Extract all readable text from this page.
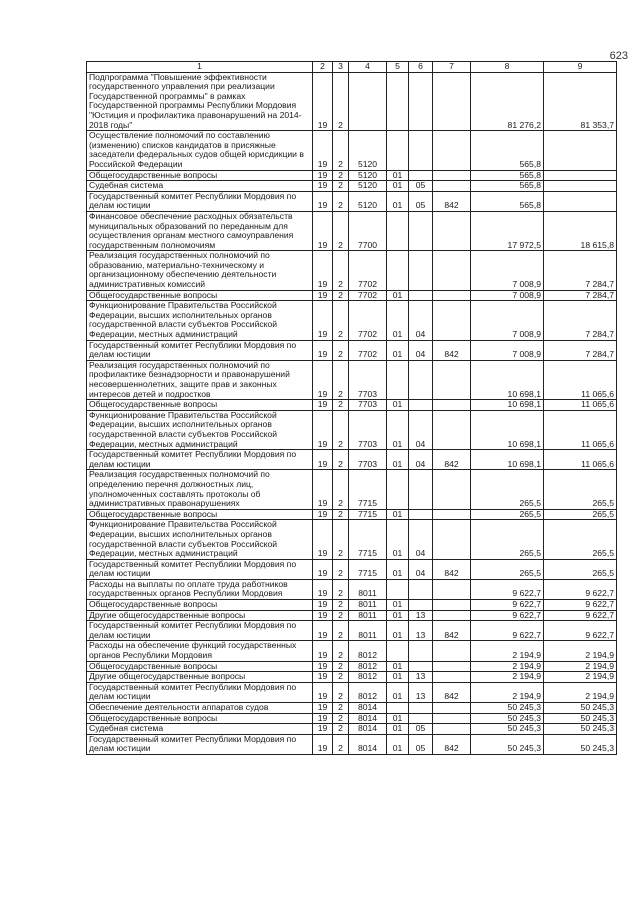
623
1	2	3	4	5	6	7	8	9
Подпрограмма "Повышение эффективности государственного управления при реализации Государственной программы" в рамках Государственной программы Республики Мордовия "Юстиция и профилактика правонарушений на 2014-2018 годы"	19	2					81 276,2	81 353,7
Осуществление полномочий по составлению (изменению) списков кандидатов в присяжные заседатели федеральных судов общей юрисдикции в Российской Федерации	19	2	5120				565,8	
Общегосударственные вопросы	19	2	5120	01			565,8	
Судебная система	19	2	5120	01	05		565,8	
Государственный комитет Республики Мордовия по делам юстиции	19	2	5120	01	05	842	565,8	
Финансовое обеспечение расходных обязательств муниципальных образований по переданным для осуществления органам местного самоуправления государственным полномочиям	19	2	7700				17 972,5	18 615,8
Реализация государственных полномочий по образованию, материально-техническому и организационному обеспечению деятельности административных комиссий	19	2	7702				7 008,9	7 284,7
Общегосударственные вопросы	19	2	7702	01			7 008,9	7 284,7
Функционирование Правительства Российской Федерации, высших исполнительных органов государственной власти субъектов Российской Федерации, местных администраций	19	2	7702	01	04		7 008,9	7 284,7
Государственный комитет Республики Мордовия по делам юстиции	19	2	7702	01	04	842	7 008,9	7 284,7
Реализация государственных полномочий по профилактике безнадзорности и правонарушений несовершеннолетних, защите прав и законных интересов детей и подростков	19	2	7703				10 698,1	11 065,6
Общегосударственные вопросы	19	2	7703	01			10 698,1	11 065,6
Функционирование Правительства Российской Федерации, высших исполнительных органов государственной власти субъектов Российской Федерации, местных администраций	19	2	7703	01	04		10 698,1	11 065,6
Государственный комитет Республики Мордовия по делам юстиции	19	2	7703	01	04	842	10 698,1	11 065,6
Реализация государственных полномочий по определению перечня должностных лиц, уполномоченных составлять протоколы об административных правонарушениях	19	2	7715				265,5	265,5
Общегосударственные вопросы	19	2	7715	01			265,5	265,5
Функционирование Правительства Российской Федерации, высших исполнительных органов государственной власти субъектов Российской Федерации, местных администраций	19	2	7715	01	04		265,5	265,5
Государственный комитет Республики Мордовия по делам юстиции	19	2	7715	01	04	842	265,5	265,5
Расходы на выплаты по оплате труда работников государственных органов Республики Мордовия	19	2	8011				9 622,7	9 622,7
Общегосударственные вопросы	19	2	8011	01			9 622,7	9 622,7
Другие общегосударственные вопросы	19	2	8011	01	13		9 622,7	9 622,7
Государственный комитет Республики Мордовия по делам юстиции	19	2	8011	01	13	842	9 622,7	9 622,7
Расходы на обеспечение функций государственных органов Республики Мордовия	19	2	8012				2 194,9	2 194,9
Общегосударственные вопросы	19	2	8012	01			2 194,9	2 194,9
Другие общегосударственные вопросы	19	2	8012	01	13		2 194,9	2 194,9
Государственный комитет Республики Мордовия по делам юстиции	19	2	8012	01	13	842	2 194,9	2 194,9
Обеспечение деятельности аппаратов судов	19	2	8014				50 245,3	50 245,3
Общегосударственные вопросы	19	2	8014	01			50 245,3	50 245,3
Судебная система	19	2	8014	01	05		50 245,3	50 245,3
Государственный комитет Республики Мордовия по делам юстиции	19	2	8014	01	05	842	50 245,3	50 245,3
